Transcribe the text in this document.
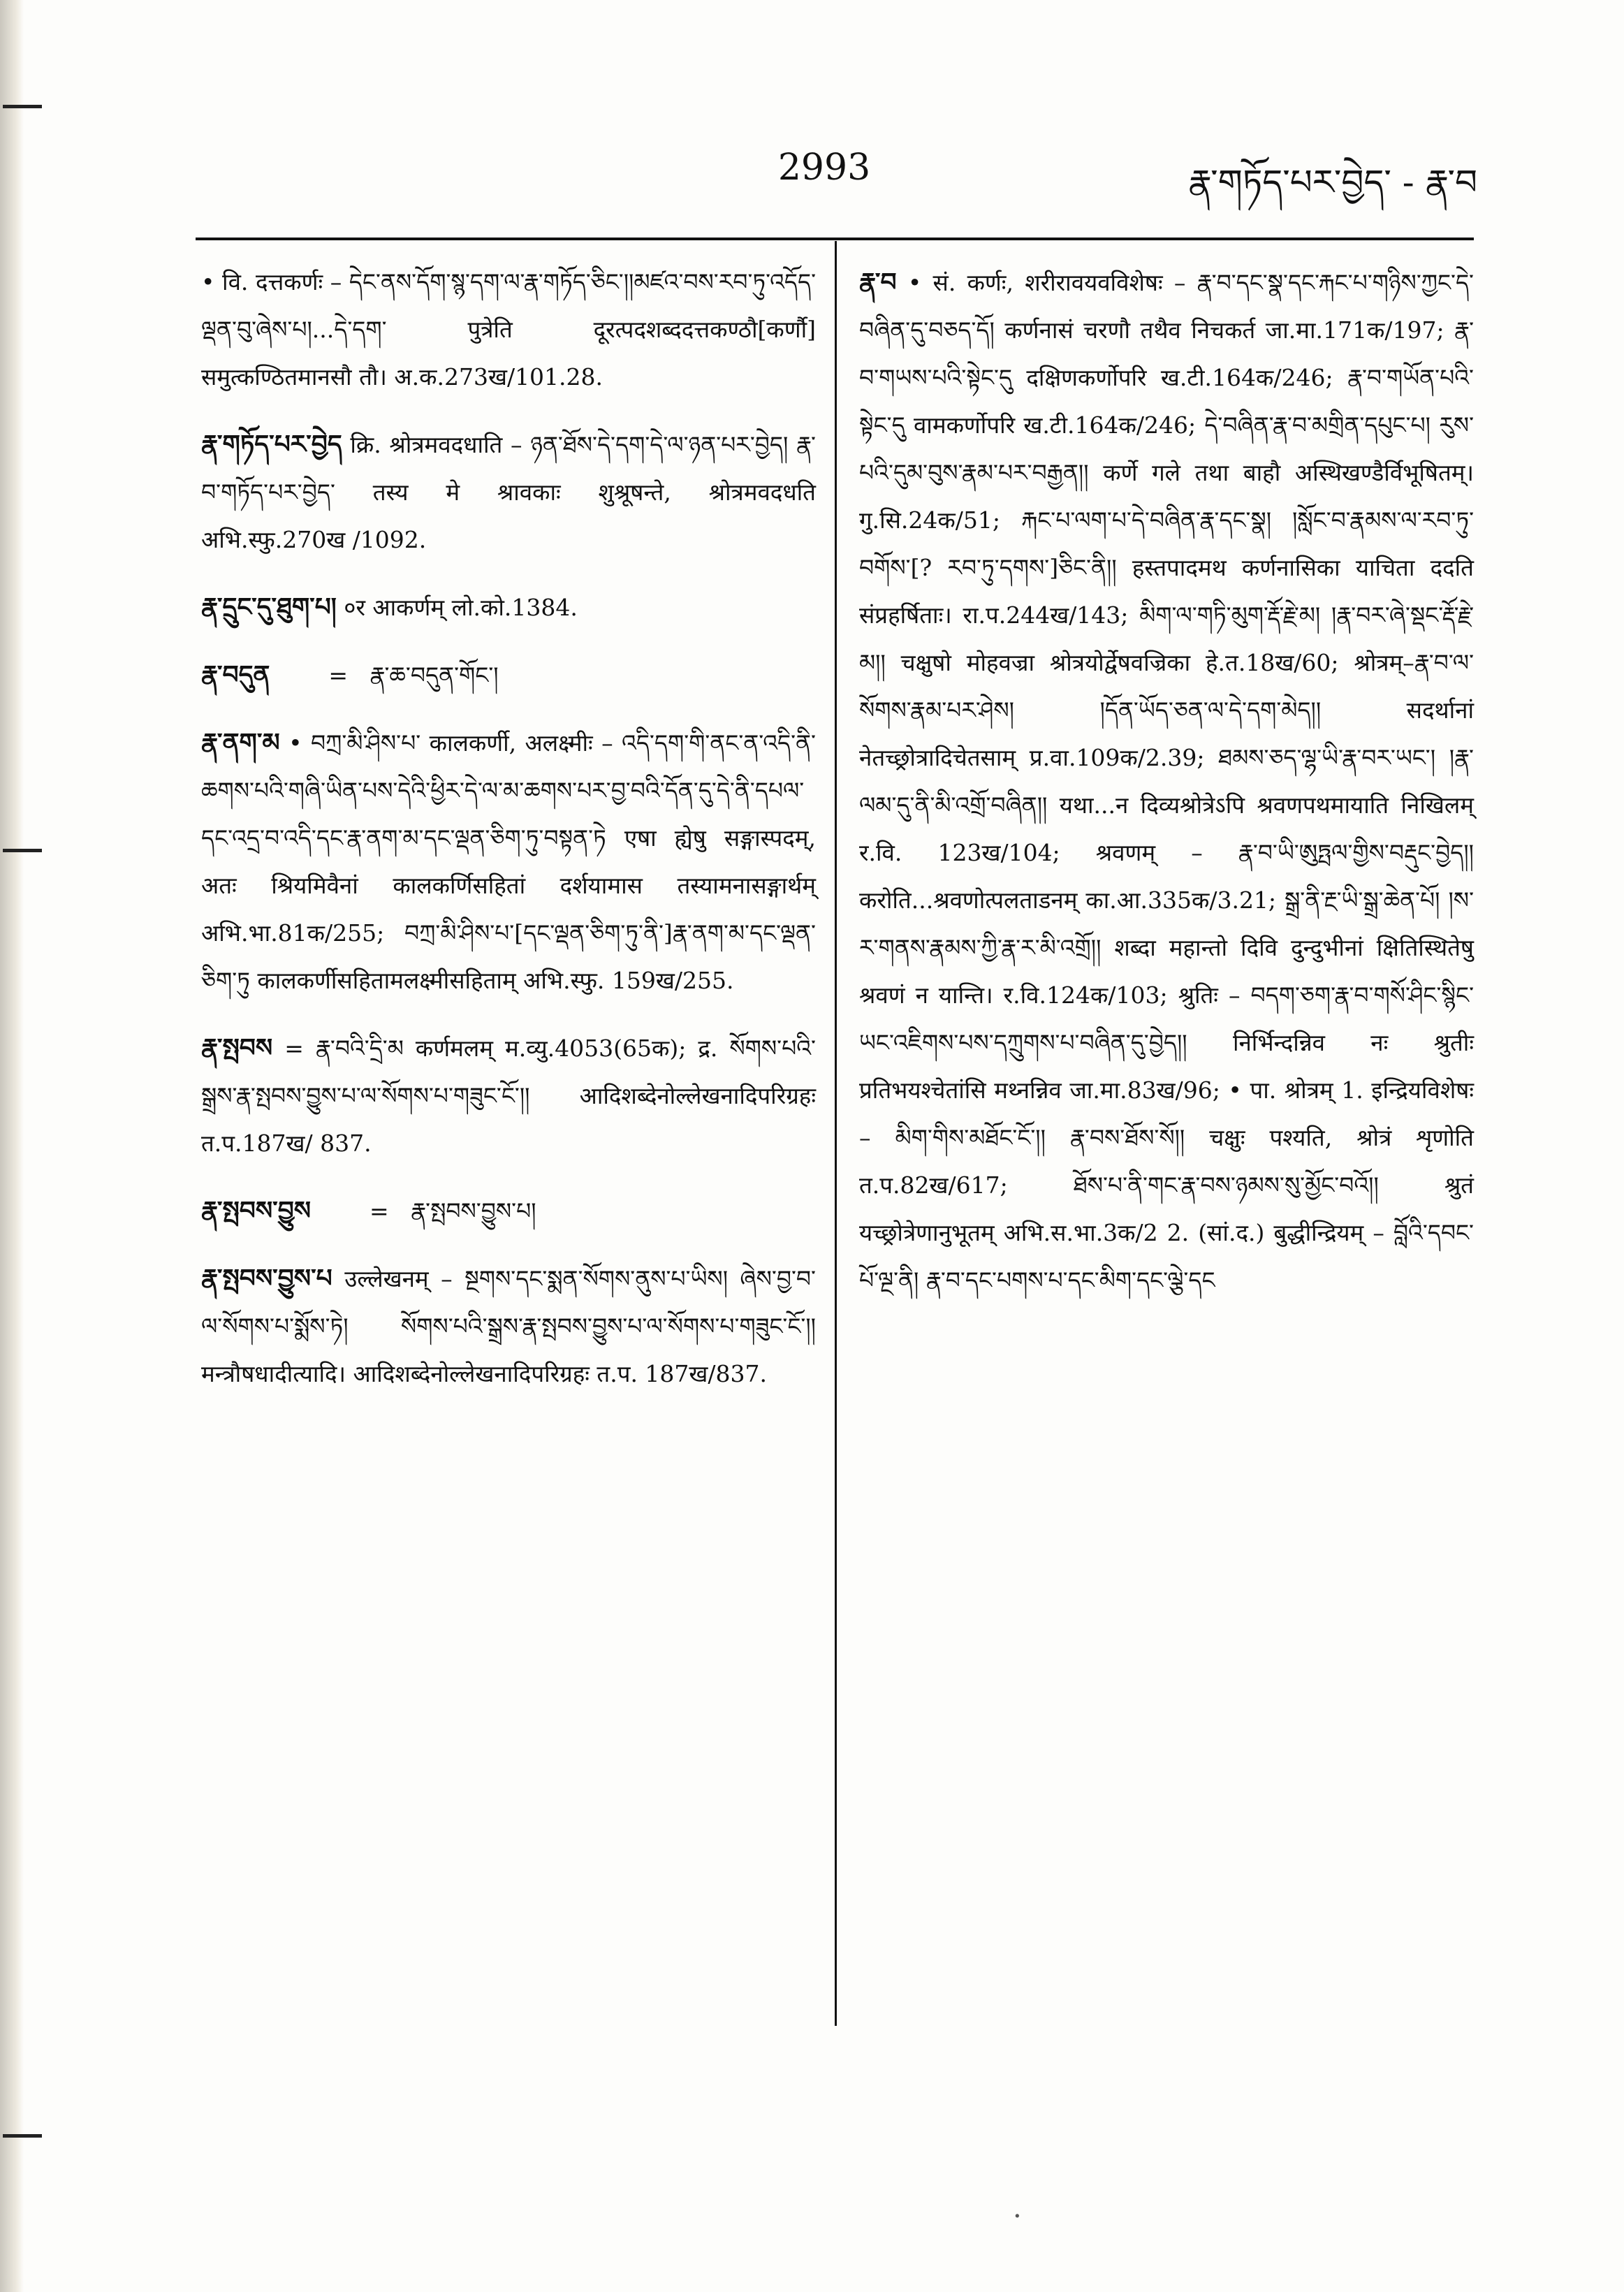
2993	རྣ་གཏོད་པར་བྱེད་ - རྣ་བ

• वि. दत्तकर्णः – དེང་ནས་དོག་སྙ་དག་ལ་རྣ་གཏོད་ཅིང་།།མཛའ་བས་རབ་ཏུ་འདོད་ལྡན་བུ་ཞེས་པ།...དེ་དག་ पुत्रेति दूरत्पदशब्ददत्तकण्ठौ[कर्णौ] समुत्कण्ठितमानसौ तौ। अ.क.273ख/101.28.

རྣ་གཏོད་པར་བྱེད क्रि. श्रोत्रमवदधाति – ཉན་ཐོས་དེ་དག་དེ་ལ་ཉན་པར་བྱེད། རྣ་བ་གཏོད་པར་བྱེད་ तस्य मे श्रावकाः शुश्रूषन्ते, श्रोत्रमवदधति अभि.स्फु.270ख /1092.

རྣ་དྲུང་དུ་ཐུག་པ། ०र आकर्णम् लो.को.1384.

རྣ་བདུན        =   རྣ་ཆ་བདུན་གོང་།

རྣ་ནག་མ • བཀྲ་མི་ཤིས་པ་ कालकर्णी, अलक्ष्मीः – འདི་དག་གི་ནང་ན་འདི་ནི་ཆགས་པའི་གཞི་ཡིན་པས་དེའི་ཕྱིར་དེ་ལ་མ་ཆགས་པར་བྱ་བའི་དོན་དུ་དེ་ནི་དཔལ་དང་འདྲ་བ་འདི་དང་རྣ་ནག་མ་དང་ལྡན་ཅིག་ཏུ་བསྟན་ཏེ एषा ह्येषु सङ्गास्पदम्, अतः श्रियमिवैनां कालकर्णिसहितां दर्शयामास तस्यामनासङ्गार्थम् अभि.भा.81क/255; བཀྲ་མི་ཤིས་པ་[དང་ལྡན་ཅིག་ཏུ་ནི་]རྣ་ནག་མ་དང་ལྡན་ཅིག་ཏུ कालकर्णीसहितामलक्ष्मीसहिताम् अभि.स्फु. 159ख/255.

རྣ་སྤབས = རྣ་བའི་དྲི་མ कर्णमलम् म.व्यु.4053(65क); द्र. སོགས་པའི་སྒྲས་རྣ་སྤབས་བྱུས་པ་ལ་སོགས་པ་གཟུང་ངོ་།། आदिशब्देनोल्लेखनादिपरिग्रहः त.प.187ख/ 837.

རྣ་སྤབས་བྱུས        =   རྣ་སྤབས་བྱུས་པ།

རྣ་སྤབས་བྱུས་པ उल्लेखनम् – སྔགས་དང་སྨན་སོགས་ནུས་པ་ཡིས། ཞེས་བྱ་བ་ལ་སོགས་པ་སྨོས་ཏེ། སོགས་པའི་སྒྲས་རྣ་སྤབས་བྱུས་པ་ལ་སོགས་པ་གཟུང་ངོ་།། मन्त्रौषधादीत्यादि। आदिशब्देनोल्लेखनादिपरिग्रहः त.प. 187ख/837.

རྣ་བ • सं. कर्णः, शरीरावयवविशेषः – རྣ་བ་དང་སྣ་དང་རྐང་པ་གཉིས་ཀྱང་དེ་བཞིན་དུ་བཅད་དོ། कर्णनासं चरणौ तथैव निचकर्त जा.मा.171क/197; རྣ་བ་གཡས་པའི་སྟེང་དུ दक्षिणकर्णोपरि ख.टी.164क/246; རྣ་བ་གཡོན་པའི་སྟེང་དུ वामकर्णोपरि ख.टी.164क/246; དེ་བཞིན་རྣ་བ་མགྲིན་དཔུང་པ། རུས་པའི་དུམ་བུས་རྣམ་པར་བརྒྱན།། कर्णे गले तथा बाहौ अस्थिखण्डैर्विभूषितम्। गु.सि.24क/51; རྐང་པ་ལག་པ་དེ་བཞིན་རྣ་དང་སྣ། །སློང་བ་རྣམས་ལ་རབ་ཏུ་བགོས་[? རབ་ཏུ་དགས་]ཅིང་ནི།། हस्तपादमथ कर्णनासिका याचिता ददति संप्रहर्षिताः। रा.प.244ख/143; མིག་ལ་གཏི་མུག་རྡོ་རྗེ་མ། །རྣ་བར་ཞེ་སྡང་རྡོ་རྗེ་མ།། चक्षुषो मोहवज्रा श्रोत्रयोर्द्वेषवज्रिका हे.त.18ख/60; श्रोत्रम्–རྣ་བ་ལ་སོགས་རྣམ་པར་ཤེས། །དོན་ཡོད་ཅན་ལ་དེ་དག་མེད།། सदर्थानां नेतच्छ्रोत्रादिचेतसाम् प्र.वा.109क/2.39; ཐམས་ཅད་ལྷ་ཡི་རྣ་བར་ཡང་། །རྣ་ལམ་དུ་ནི་མི་འགྲོ་བཞིན།། यथा...न दिव्यश्रोत्रेऽपि श्रवणपथमायाति निखिलम् र.वि. 123ख/104; श्रवणम् – རྣ་བ་ཡི་ཨུཏྤལ་གྱིས་བརྡུང་བྱེད།། करोति...श्रवणोत्पलताडनम् का.आ.335क/3.21; སྒྲ་ནི་རྔ་ཡི་སྒྲ་ཆེན་པོ། །ས་ར་གནས་རྣམས་ཀྱི་རྣ་ར་མི་འགྲོ།། शब्दा महान्तो दिवि दुन्दुभीनां क्षितिस्थितेषु श्रवणं न यान्ति। र.वि.124क/103; श्रुतिः – བདག་ཅག་རྣ་བ་གསོ་ཤིང་སྙིང་ཡང་འཇིགས་པས་དཀྲུགས་པ་བཞིན་དུ་བྱེད།། निर्भिन्दन्निव नः श्रुतीः प्रतिभयश्चेतांसि मथ्नन्निव जा.मा.83ख/96; • पा. श्रोत्रम् 1. इन्द्रियविशेषः – མིག་གིས་མཐོང་ངོ་།། རྣ་བས་ཐོས་སོ།། चक्षुः पश्यति, श्रोत्रं शृणोति त.प.82ख/617; ཐོས་པ་ནི་གང་རྣ་བས་ཉམས་སུ་མྱོང་བའོ།། श्रुतं यच्छ्रोत्रेणानुभूतम् अभि.स.भा.3क/2 2. (सां.द.) बुद्धीन्द्रियम् – བློའི་དབང་པོ་ལྔ་ནི། རྣ་བ་དང་པགས་པ་དང་མིག་དང་ལྕེ་དང

·
